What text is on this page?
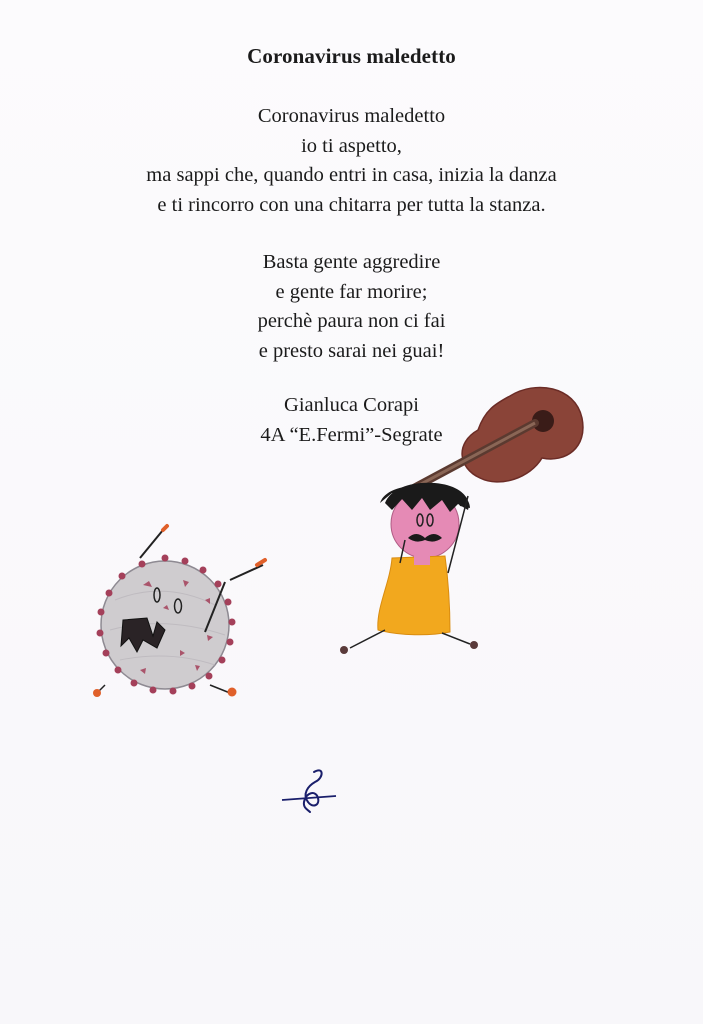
Coronavirus maledetto
Coronavirus maledetto
io ti aspetto,
ma sappi che, quando entri in casa, inizia la danza
e ti rincorro con una chitarra per tutta la stanza.
Basta gente aggredire
e gente far morire;
perchè paura non ci fai
e presto sarai nei guai!
Gianluca Corapi
4A “E.Fermi”-Segrate
